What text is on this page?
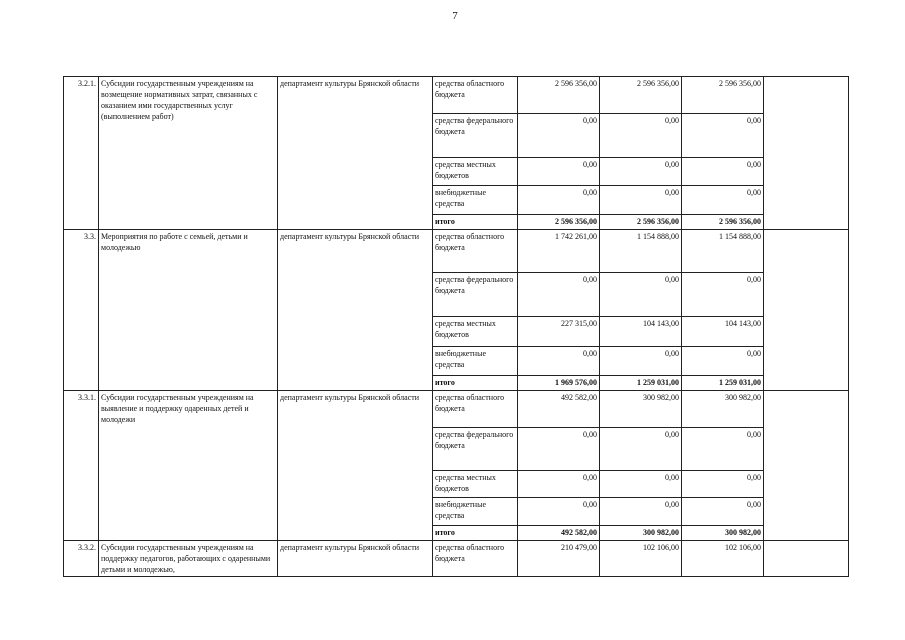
7
3.2.1.	Субсидии государственным учреждениям на возмещение нормативных затрат, связанных с оказанием ими государственных услуг (выполнением работ)	департамент культуры Брянской области	средства областного бюджета	2 596 356,00	2 596 356,00	2 596 356,00	
			средства федерального бюджета	0,00	0,00	0,00	
			средства местных бюджетов	0,00	0,00	0,00	
			внебюджетные средства	0,00	0,00	0,00	
			итого	2 596 356,00	2 596 356,00	2 596 356,00	
3.3.	Мероприятия по работе с семьей, детьми и молодежью	департамент культуры Брянской области	средства областного бюджета	1 742 261,00	1 154 888,00	1 154 888,00	
			средства федерального бюджета	0,00	0,00	0,00	
			средства местных бюджетов	227 315,00	104 143,00	104 143,00	
			внебюджетные средства	0,00	0,00	0,00	
			итого	1 969 576,00	1 259 031,00	1 259 031,00	
3.3.1.	Субсидии государственным учреждениям на выявление и поддержку одаренных детей и молодежи	департамент культуры Брянской области	средства областного бюджета	492 582,00	300 982,00	300 982,00	
			средства федерального бюджета	0,00	0,00	0,00	
			средства местных бюджетов	0,00	0,00	0,00	
			внебюджетные средства	0,00	0,00	0,00	
			итого	492 582,00	300 982,00	300 982,00	
3.3.2.	Субсидии государственным учреждениям на поддержку педагогов, работающих с одаренными детьми и молодежью,	департамент культуры Брянской области	средства областного бюджета	210 479,00	102 106,00	102 106,00	
